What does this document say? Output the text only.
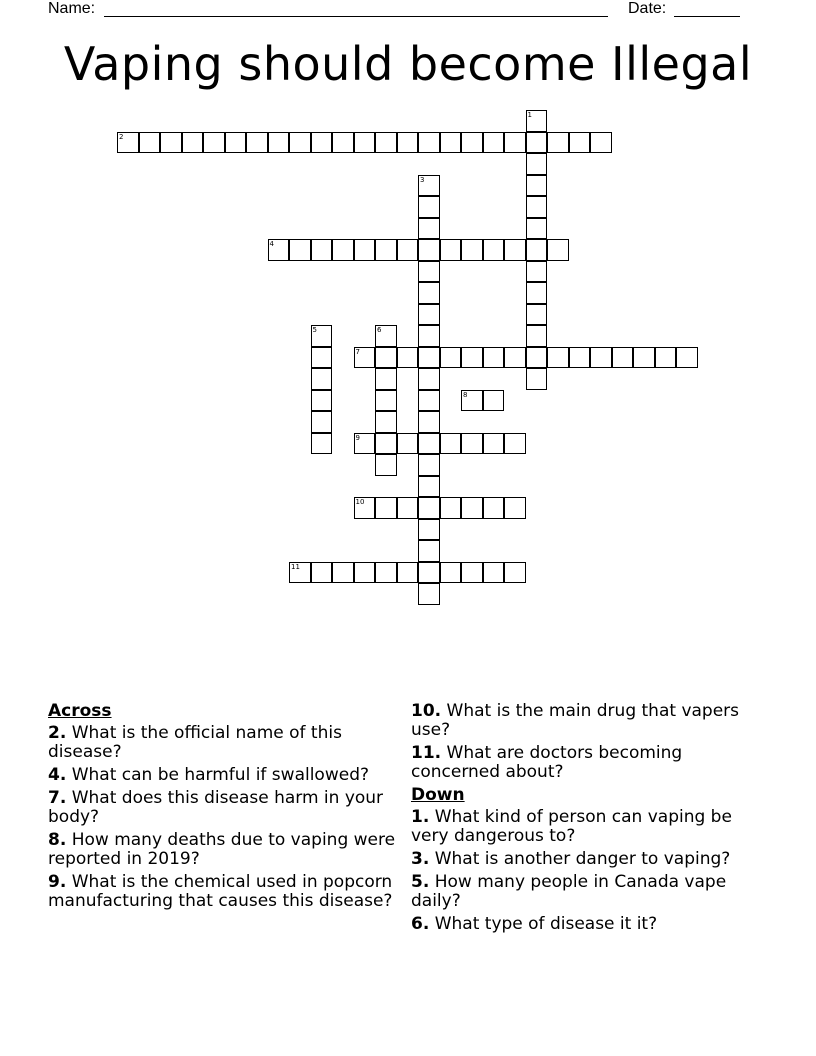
Name:	Date:
Vaping should become Illegal
1
2
3
4
5	6
7
8
9
10
11
Across
2. What is the official name of this disease?
4. What can be harmful if swallowed?
7. What does this disease harm in your body?
8. How many deaths due to vaping were reported in 2019?
9. What is the chemical used in popcorn manufacturing that causes this disease?
10. What is the main drug that vapers use?
11. What are doctors becoming concerned about?
Down
1. What kind of person can vaping be very dangerous to?
3. What is another danger to vaping?
5. How many people in Canada vape daily?
6. What type of disease it it?
